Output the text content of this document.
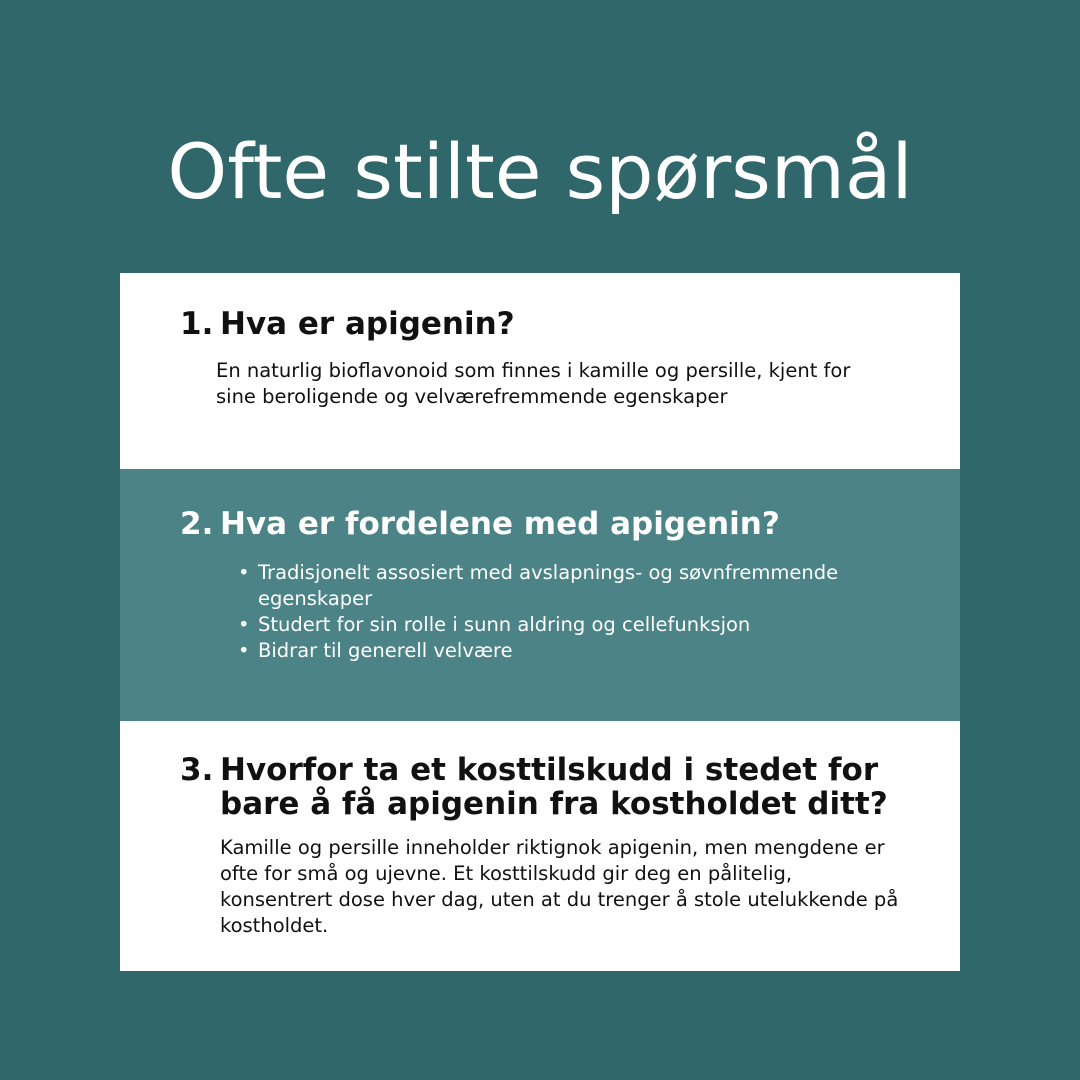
Ofte stilte spørsmål
1. Hva er apigenin?

En naturlig bioflavonoid som finnes i kamille og persille, kjent for sine beroligende og velværefremmende egenskaper

2. Hva er fordelene med apigenin?
• Tradisjonelt assosiert med avslapnings- og søvnfremmende egenskaper
• Studert for sin rolle i sunn aldring og cellefunksjon
• Bidrar til generell velvære
3. Hvorfor ta et kosttilskudd i stedet for bare å få apigenin fra kostholdet ditt?

Kamille og persille inneholder riktignok apigenin, men mengdene er ofte for små og ujevne. Et kosttilskudd gir deg en pålitelig, konsentrert dose hver dag, uten at du trenger å stole utelukkende på kostholdet.
